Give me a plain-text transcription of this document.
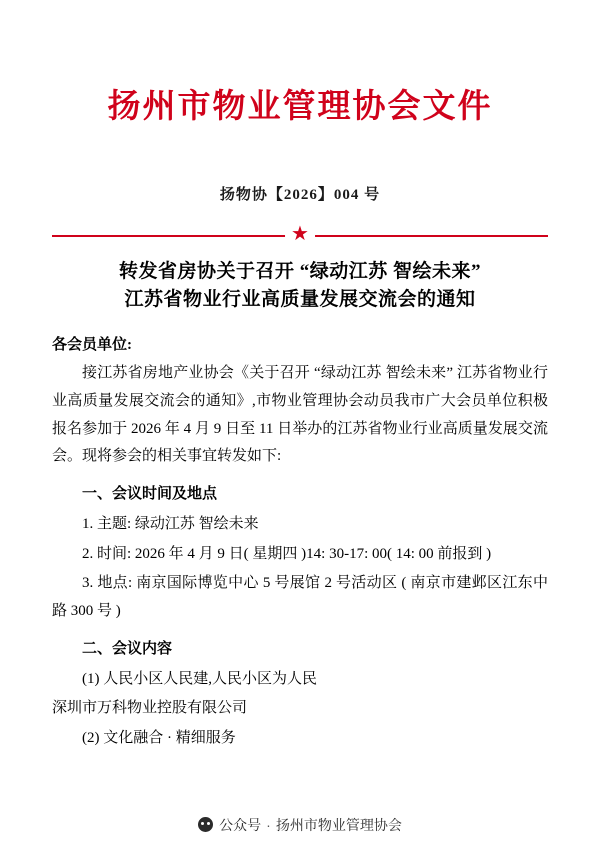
扬州市物业管理协会文件
扬物协【2026】004 号
★
转发省房协关于召开 “绿动江苏 智绘未来”
江苏省物业行业高质量发展交流会的通知
各会员单位:

接江苏省房地产业协会《关于召开 “绿动江苏 智绘未来” 江苏省物业行业高质量发展交流会的通知》,市物业管理协会动员我市广大会员单位积极报名参加于 2026 年 4 月 9 日至 11 日举办的江苏省物业行业高质量发展交流会。现将参会的相关事宜转发如下:

一、会议时间及地点
1. 主题: 绿动江苏 智绘未来
2. 时间: 2026 年 4 月 9 日( 星期四 )14: 30-17: 00( 14: 00 前报到 )
3. 地点: 南京国际博览中心 5 号展馆 2 号活动区 ( 南京市建邺区江东中路 300 号 )
二、会议内容
(1) 人民小区人民建,人民小区为人民
深圳市万科物业控股有限公司
(2) 文化融合 · 精细服务
公众号 · 扬州市物业管理协会
